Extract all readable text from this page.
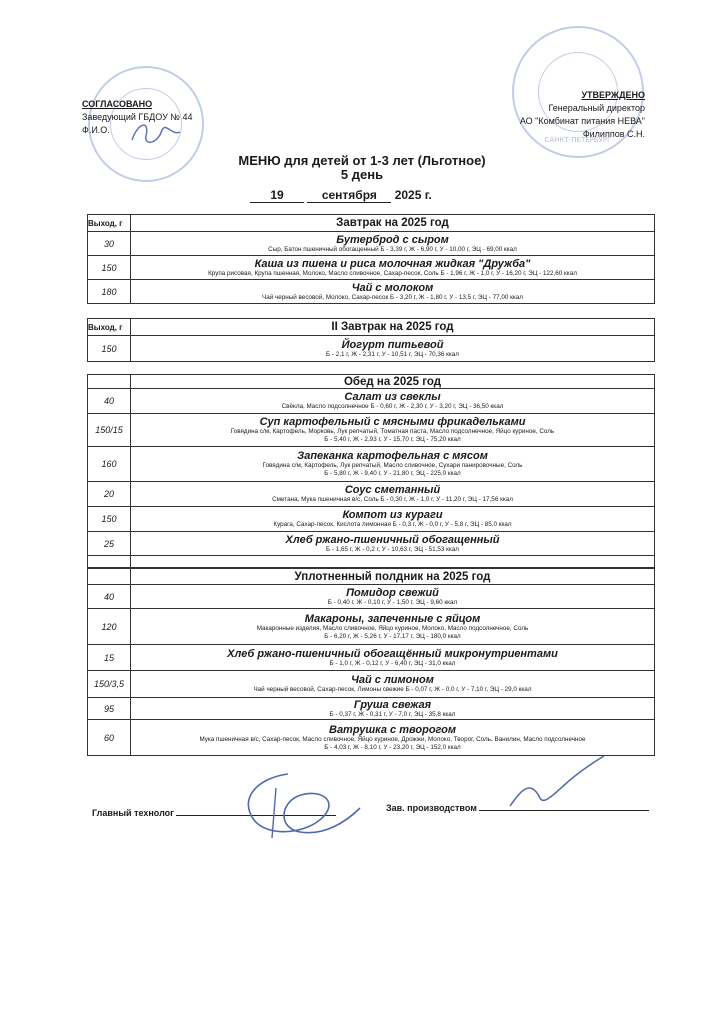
САНКТ-ПЕТЕРБУРГ
СОГЛАСОВАНО
Заведующий ГБДОУ № 44
Ф.И.О.
УТВЕРЖДЕНО
Генеральный директор
АО "Комбинат питания НЕВА"
Филиппов С.Н.
МЕНЮ для детей от 1-3 лет (Льготное)
5 день
19	сентября 2025 г.
Выход, г	Завтрак на 2025 год
30	Бутерброд с сыром
Сыр, Батон пшеничный обогащенный Б - 3,39 г, Ж - 6,90 г, У - 10,00 г, ЭЦ - 69,00 ккал

150	Каша из пшена и риса молочная жидкая "Дружба"
Крупа рисовая, Крупа пшенная, Молоко, Масло сливочное, Сахар-песок, Соль Б - 1,96 г, Ж - 1,0 г, У - 16,20 г, ЭЦ - 122,60 ккал

180	Чай с молоком
Чай черный весовой, Молоко, Сахар-песок Б - 3,20 г, Ж - 1,80 г, У - 13,5 г, ЭЦ - 77,00 ккал
Выход, г	II Завтрак на 2025 год
150	Йогурт питьевой
Б - 2,1 г, Ж - 2,31 г, У - 10,51 г, ЭЦ - 70,36 ккал
	Обед на 2025 год
40	Салат из свеклы
Свёкла, Масло подсолнечное Б - 0,60 г, Ж - 2,30 г, У - 3,20 г, ЭЦ - 36,50 ккал

150/15	Суп картофельный с мясными фрикадельками
Говядина с/м, Картофель, Морковь, Лук репчатый, Томатная паста, Масло подсолнечное, Яйцо куриное, Соль
Б - 5,40 г, Ж - 2,93 г, У - 15,70 г, ЭЦ - 75,20 ккал

160	Запеканка картофельная с мясом
Говядина с/м, Картофель, Лук репчатый, Масло сливочное, Сухари панировочные, Соль
Б - 5,80 г, Ж - 9,40 г, У - 21,80 г, ЭЦ - 225,0 ккал

20	Соус сметанный
Сметана, Мука пшеничная в/с, Соль Б - 0,30 г, Ж - 1,0 г, У - 11,20 г, ЭЦ - 17,56 ккал

150	Компот из кураги
Курага, Сахар-песок, Кислота лимонная Б - 0,3 г, Ж - 0,0 г, У - 5,8 г, ЭЦ - 85,0 ккал

25	Хлеб ржано-пшеничный обогащенный
Б - 1,65 г, Ж - 0,2 г, У - 10,63 г, ЭЦ - 51,53 ккал

	Уплотненный полдник на 2025 год
40	Помидор свежий
Б - 0,40 г, Ж - 0,10 г, У - 1,50 г, ЭЦ - 9,60 ккал

120	Макароны, запеченные с яйцом
Макаронные изделия, Масло сливочное, Яйцо куриное, Молоко, Масло подсолнечное, Соль
Б - 6,20 г, Ж - 5,26 г, У - 17,17 г, ЭЦ - 180,0 ккал

15	Хлеб ржано-пшеничный обогащённый микронутриентами
Б - 1,0 г, Ж - 0,12 г, У - 6,40 г, ЭЦ - 31,0 ккал

150/3,5	Чай с лимоном
Чай черный весовой, Сахар-песок, Лимоны свежие Б - 0,07 г, Ж - 0,0 г, У - 7,10 г, ЭЦ - 29,0 ккал

95	Груша свежая
Б - 0,37 г, Ж - 0,31 г, У - 7,0 г, ЭЦ - 35,8 ккал

60	Ватрушка с творогом
Мука пшеничная в/с, Сахар-песок, Масло сливочное, Яйцо куриное, Дрожжи, Молоко, Творог, Соль, Ванилин, Масло подсолнечное
Б - 4,03 г, Ж - 8,10 г, У - 23,20 г, ЭЦ - 152,0 ккал
Главный технолог	Зав. производством
